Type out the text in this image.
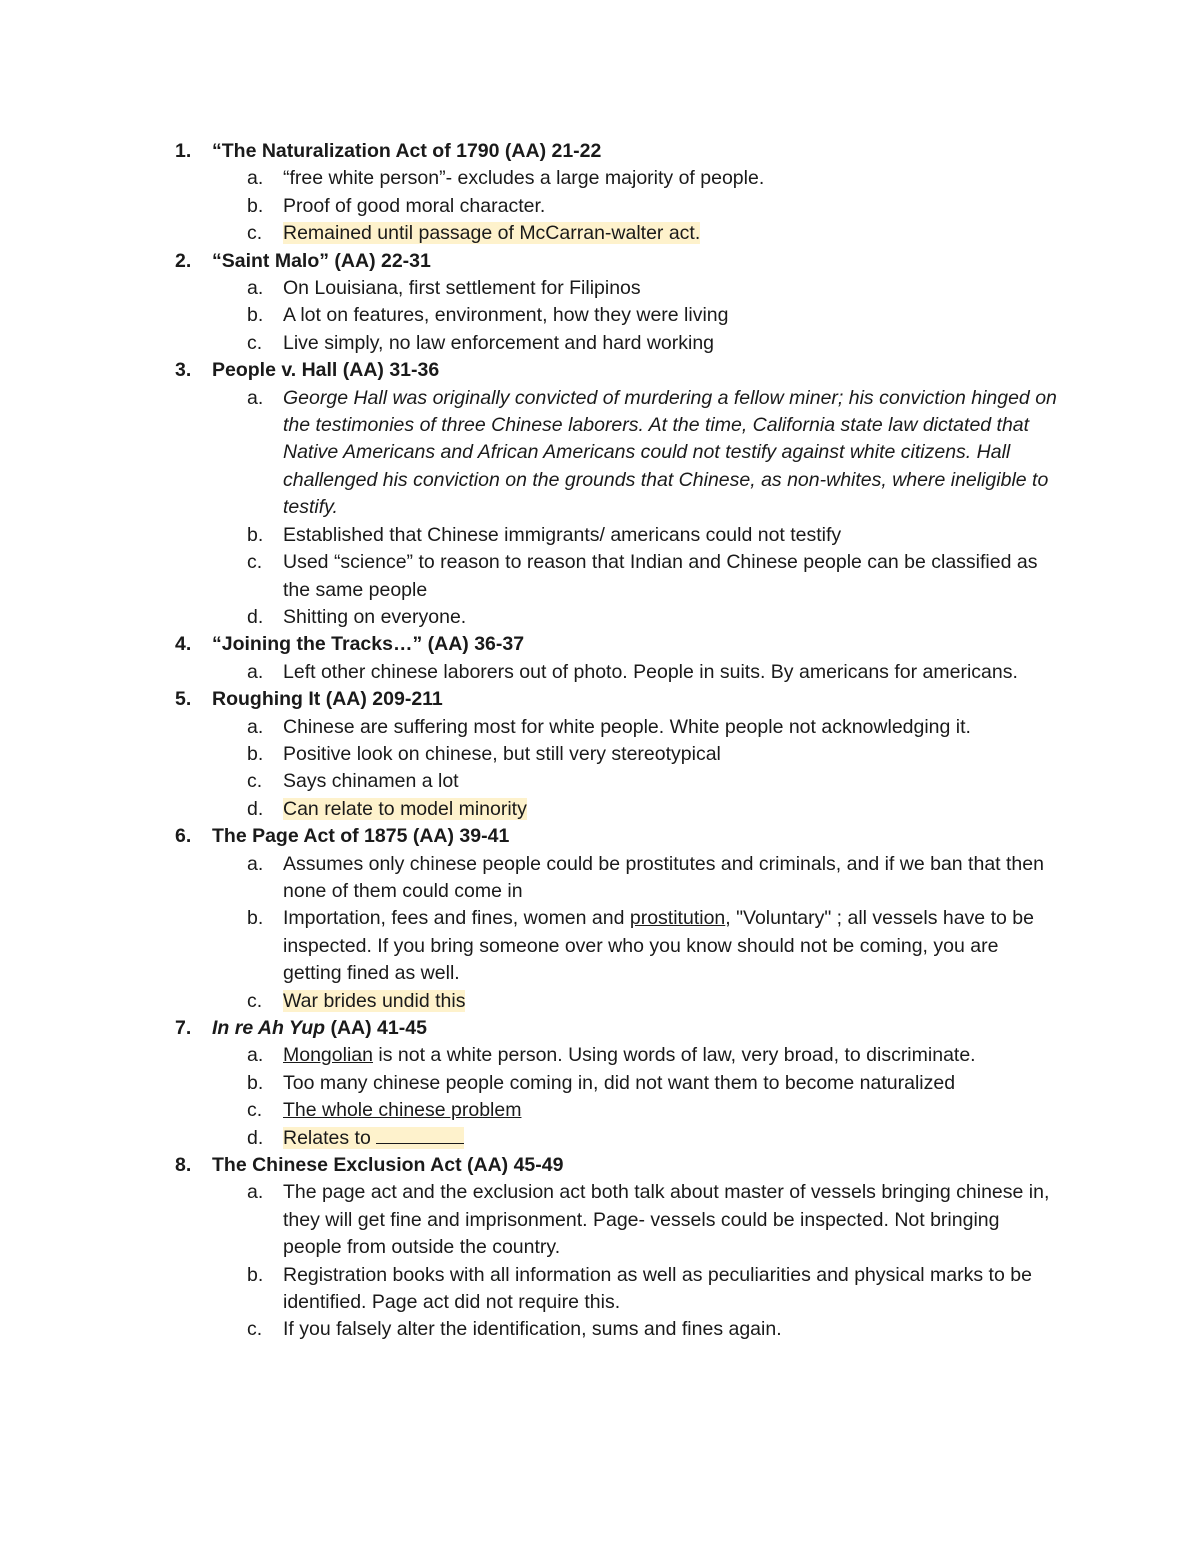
1.	“The Naturalization Act of 1790 (AA) 21-22
a. “free white person”- excludes a large majority of people.
b. Proof of good moral character.
c. Remained until passage of McCarran-walter act.
2.	“Saint Malo” (AA) 22-31
a. On Louisiana, first settlement for Filipinos
b. A lot on features, environment, how they were living
c. Live simply, no law enforcement and hard working
3.	People v. Hall (AA) 31-36
a. George Hall was originally convicted of murdering a fellow miner; his conviction hinged on the testimonies of three Chinese laborers. At the time, California state law dictated that Native Americans and African Americans could not testify against white citizens. Hall challenged his conviction on the grounds that Chinese, as non-whites, where ineligible to testify.
b. Established that Chinese immigrants/ americans could not testify
c. Used “science” to reason to reason that Indian and Chinese people can be classified as the same people
d. Shitting on everyone.
4.	“Joining the Tracks…” (AA) 36-37
a. Left other chinese laborers out of photo. People in suits. By americans for americans.
5.	Roughing It (AA) 209-211
a. Chinese are suffering most for white people. White people not acknowledging it.
b. Positive look on chinese, but still very stereotypical
c. Says chinamen a lot
d. Can relate to model minority
6.	The Page Act of 1875 (AA) 39-41
a. Assumes only chinese people could be prostitutes and criminals, and if we ban that then none of them could come in
b. Importation, fees and fines, women and prostitution, "Voluntary" ; all vessels have to be inspected. If you bring someone over who you know should not be coming, you are getting fined as well.
c. War brides undid this
7.	In re Ah Yup (AA) 41-45
a. Mongolian is not a white person. Using words of law, very broad, to discriminate.
b. Too many chinese people coming in, did not want them to become naturalized
c. The whole chinese problem
d. Relates to
8.	The Chinese Exclusion Act (AA) 45-49
a. The page act and the exclusion act both talk about master of vessels bringing chinese in, they will get fine and imprisonment. Page- vessels could be inspected. Not bringing people from outside the country.
b. Registration books with all information as well as peculiarities and physical marks to be identified. Page act did not require this.
c. If you falsely alter the identification, sums and fines again.
